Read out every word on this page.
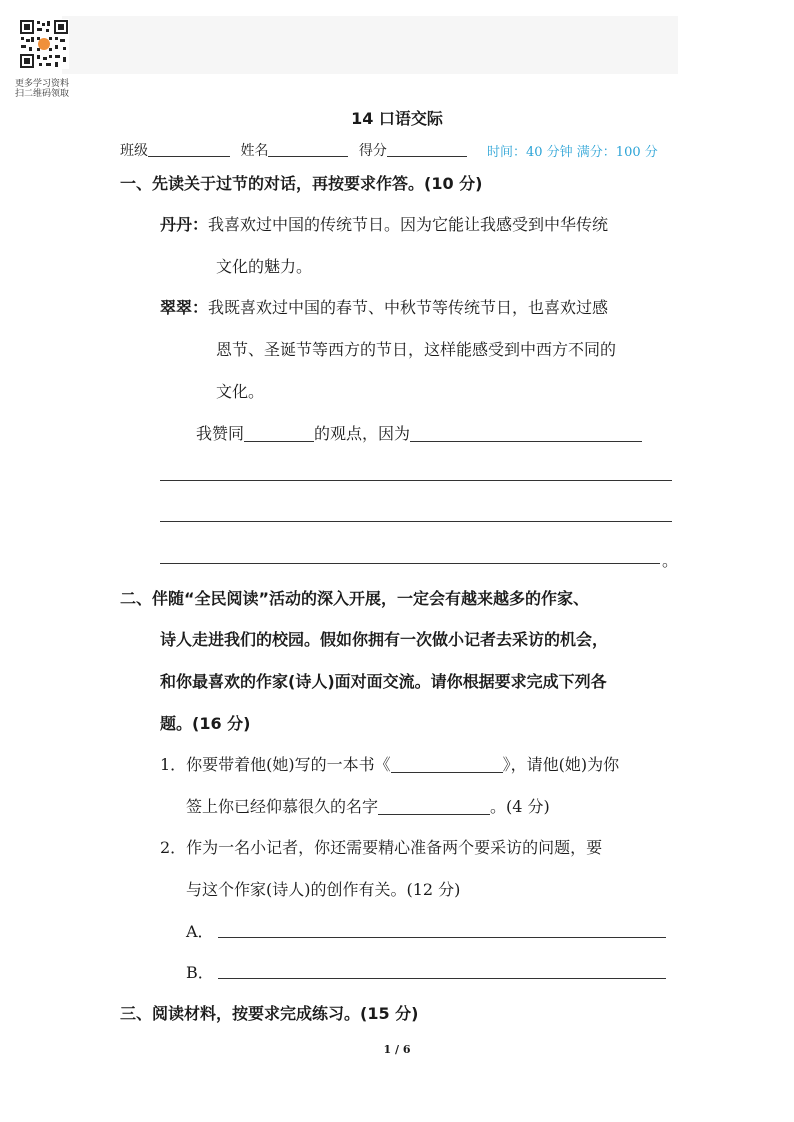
更多学习资料
扫二维码领取
14 口语交际
班级	姓名	得分	时间：40 分钟 满分：100 分
一、先读关于过节的对话，再按要求作答。(10 分)
丹丹：我喜欢过中国的传统节日。因为它能让我感受到中华传统
文化的魅力。
翠翠：我既喜欢过中国的春节、中秋节等传统节日，也喜欢过感
恩节、圣诞节等西方的节日，这样能感受到中西方不同的
文化。
我赞同	的观点，因为
。
二、伴随“全民阅读”活动的深入开展，一定会有越来越多的作家、
诗人走进我们的校园。假如你拥有一次做小记者去采访的机会，
和你最喜欢的作家(诗人)面对面交流。请你根据要求完成下列各
题。(16 分)
1．你要带着他(她)写的一本书《	》，请他(她)为你
签上你已经仰慕很久的名字	。(4 分)
2．作为一名小记者，你还需要精心准备两个要采访的问题，要
与这个作家(诗人)的创作有关。(12 分)
A．
B．
三、阅读材料，按要求完成练习。(15 分)
1 / 6
